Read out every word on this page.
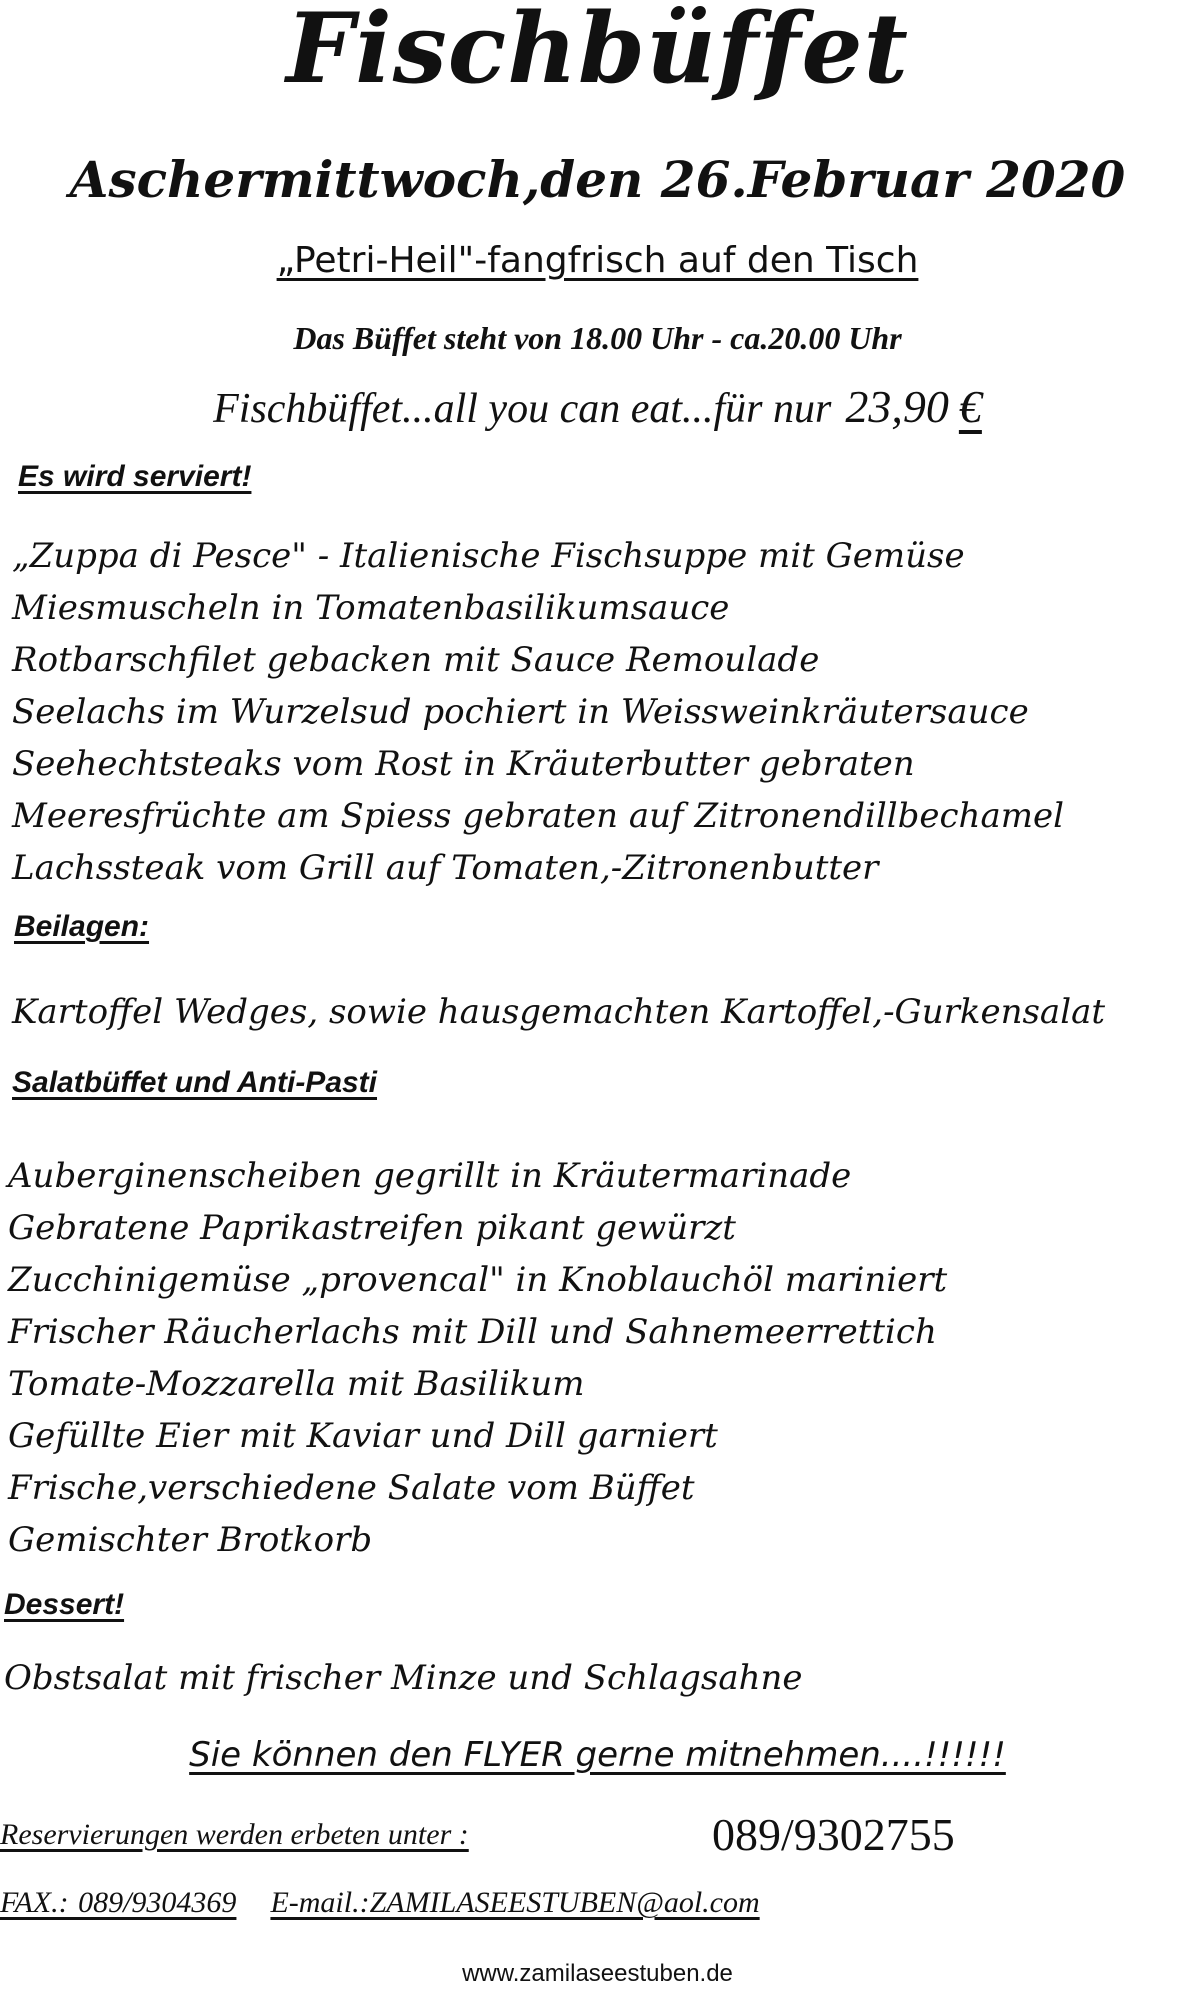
Fischbüffet
Aschermittwoch,den 26.Februar 2020
„Petri-Heil"-fangfrisch auf den Tisch
Das Büffet steht von 18.00 Uhr - ca.20.00 Uhr
Fischbüffet...all you can eat...für nur 23,90 €
Es wird serviert!
„Zuppa di Pesce" - Italienische Fischsuppe mit Gemüse
Miesmuscheln in Tomatenbasilikumsauce
Rotbarschfilet gebacken mit Sauce Remoulade
Seelachs im Wurzelsud pochiert in Weissweinkräutersauce
Seehechtsteaks vom Rost in Kräuterbutter gebraten
Meeresfrüchte am Spiess gebraten auf Zitronendillbechamel
Lachssteak vom Grill auf Tomaten,-Zitronenbutter
Beilagen:
Kartoffel Wedges, sowie hausgemachten Kartoffel,-Gurkensalat
Salatbüffet und Anti-Pasti
Auberginenscheiben gegrillt in Kräutermarinade
Gebratene Paprikastreifen pikant gewürzt
Zucchinigemüse „provencal" in Knoblauchöl mariniert
Frischer Räucherlachs mit Dill und Sahnemeerrettich
Tomate-Mozzarella mit Basilikum
Gefüllte Eier mit Kaviar und Dill garniert
Frische,verschiedene Salate vom Büffet
Gemischter Brotkorb
Dessert!
Obstsalat mit frischer Minze und Schlagsahne
Sie können den FLYER gerne mitnehmen....!!!!!!
Reservierungen werden erbeten unter :	089/9302755
FAX.: 089/9304369 E-mail.:ZAMILASEESTUBEN@aol.com
www.zamilaseestuben.de
